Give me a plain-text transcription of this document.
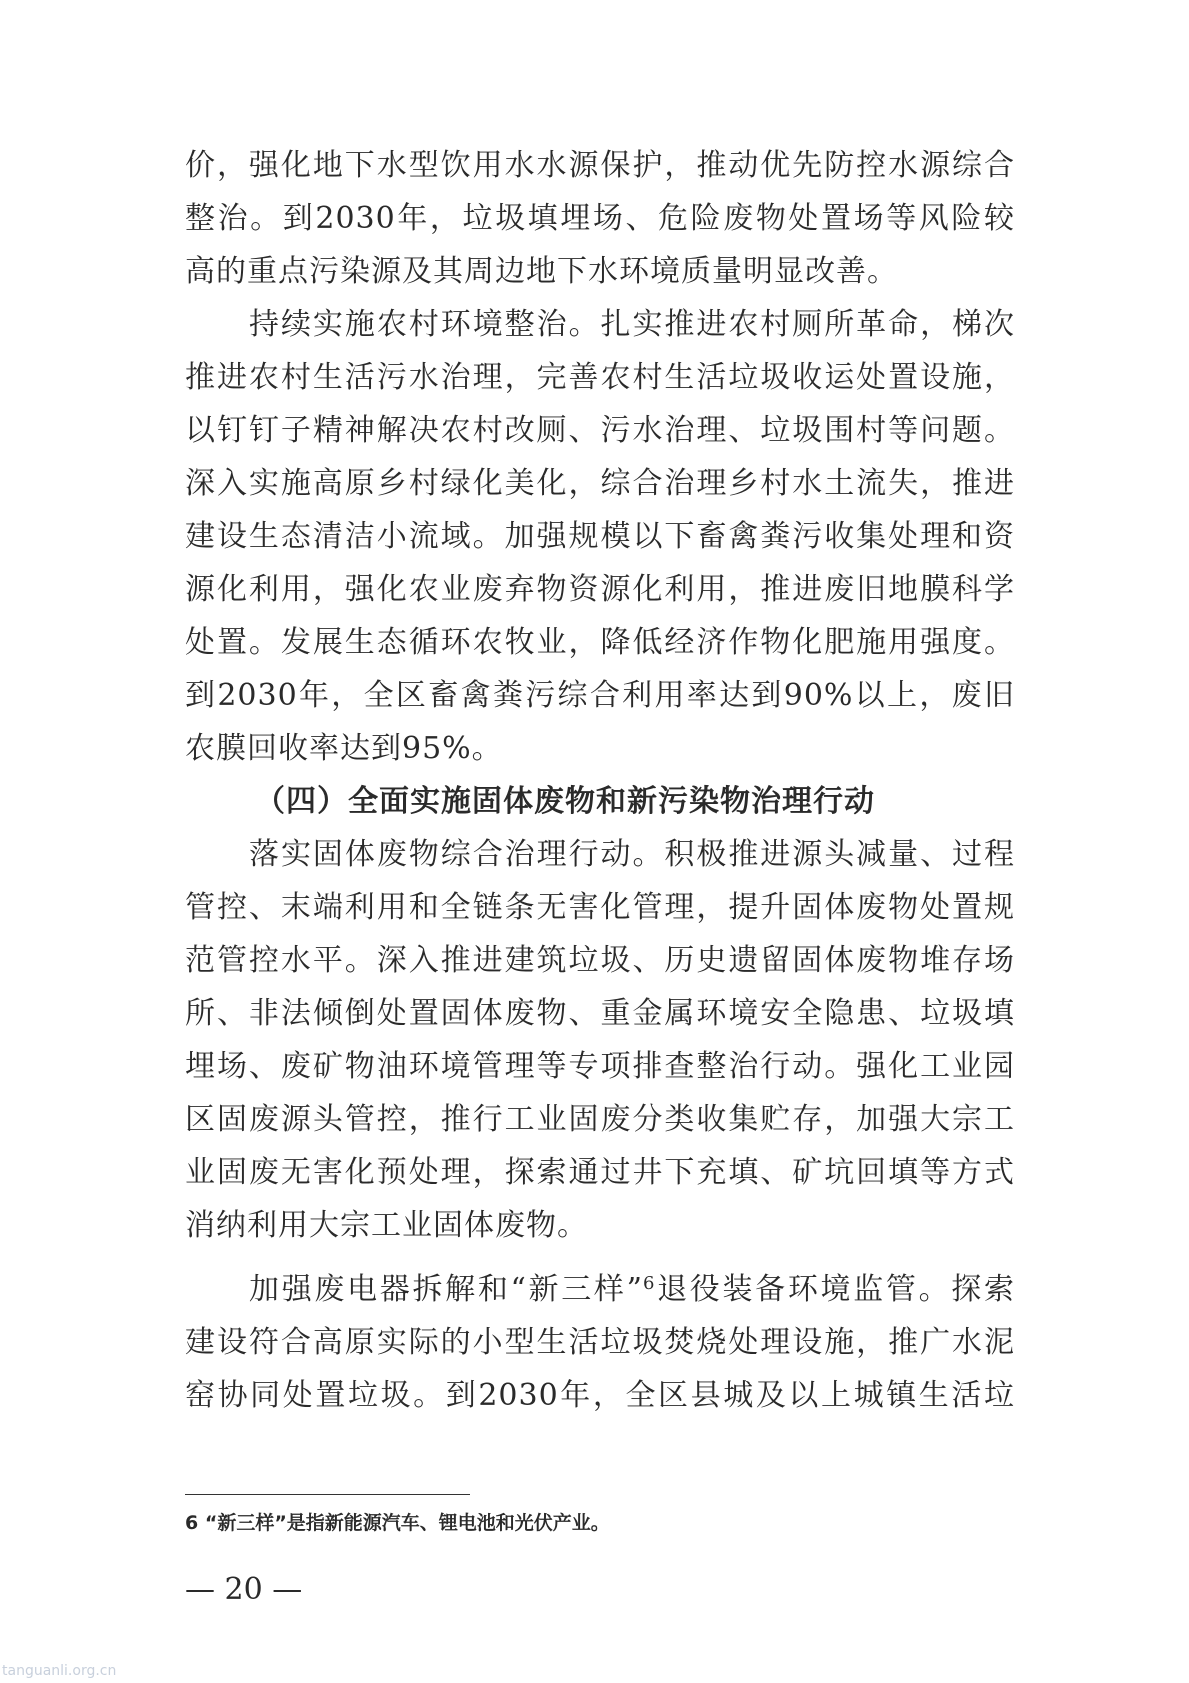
价，强化地下水型饮用水水源保护，推动优先防控水源综合
整治。到2030年，垃圾填埋场、危险废物处置场等风险较
高的重点污染源及其周边地下水环境质量明显改善。
持续实施农村环境整治。扎实推进农村厕所革命，梯次
推进农村生活污水治理，完善农村生活垃圾收运处置设施，
以钉钉子精神解决农村改厕、污水治理、垃圾围村等问题。
深入实施高原乡村绿化美化，综合治理乡村水土流失，推进
建设生态清洁小流域。加强规模以下畜禽粪污收集处理和资
源化利用，强化农业废弃物资源化利用，推进废旧地膜科学
处置。发展生态循环农牧业，降低经济作物化肥施用强度。
到2030年，全区畜禽粪污综合利用率达到90%以上，废旧
农膜回收率达到95%。
（四）全面实施固体废物和新污染物治理行动
落实固体废物综合治理行动。积极推进源头减量、过程
管控、末端利用和全链条无害化管理，提升固体废物处置规
范管控水平。深入推进建筑垃圾、历史遗留固体废物堆存场
所、非法倾倒处置固体废物、重金属环境安全隐患、垃圾填
埋场、废矿物油环境管理等专项排查整治行动。强化工业园
区固废源头管控，推行工业固废分类收集贮存，加强大宗工
业固废无害化预处理，探索通过井下充填、矿坑回填等方式
消纳利用大宗工业固体废物。
加强废电器拆解和“新三样”$^6$退役装备环境监管。探索
建设符合高原实际的小型生活垃圾焚烧处理设施，推广水泥
窑协同处置垃圾。到2030年，全区县城及以上城镇生活垃
6 “新三样”是指新能源汽车、锂电池和光伏产业。
— 20 —
tanguanli.org.cn
